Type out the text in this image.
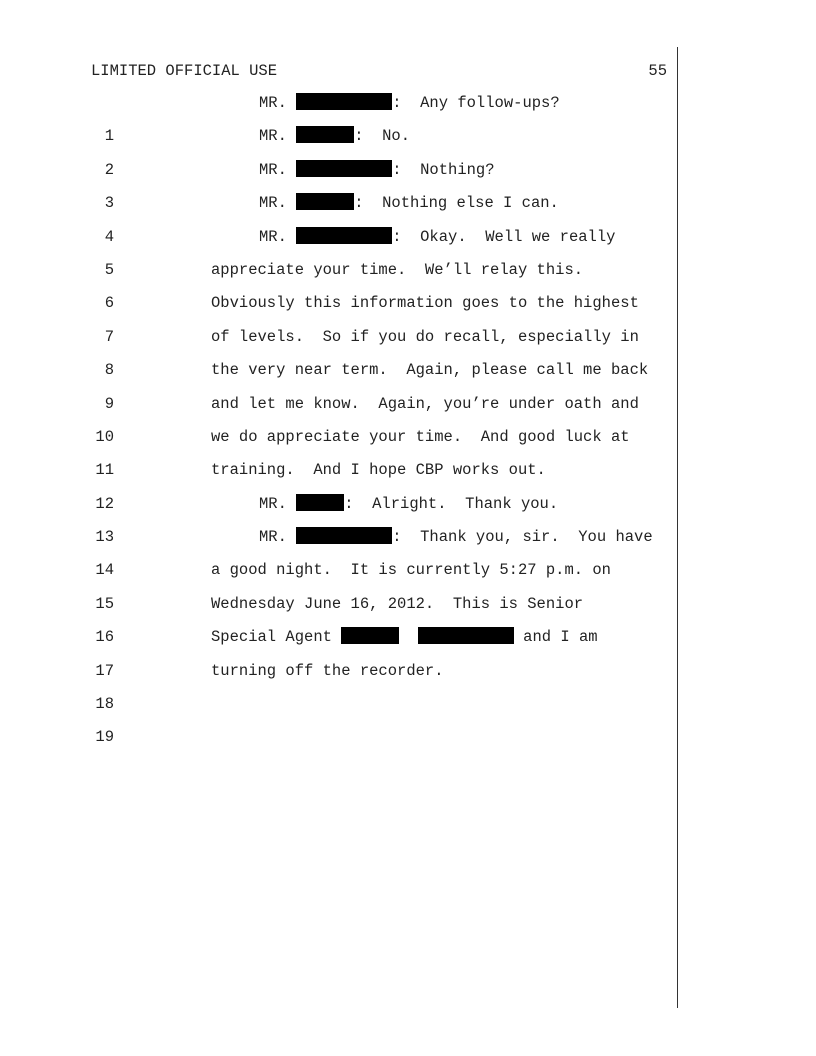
LIMITED OFFICIAL USE	55

1

MR.	:  Any follow-ups?

2

MR.	:  No.

3

MR.	:  Nothing?

4

MR.	:  Nothing else I can.

5

MR.	:  Okay.  Well we really

6

appreciate your time.  We’ll relay this.

7

Obviously this information goes to the highest

8

of levels.  So if you do recall, especially in

9

the very near term.  Again, please call me back

10

and let me know.  Again, you’re under oath and

11

we do appreciate your time.  And good luck at

12

training.  And I hope CBP works out.

13

MR.	:  Alright.  Thank you.

14

MR.	:  Thank you, sir.  You have

15

a good night.  It is currently 5:27 p.m. on

16

Wednesday June 16, 2012.  This is Senior

17

Special Agent	and I am

18

turning off the recorder.

19
